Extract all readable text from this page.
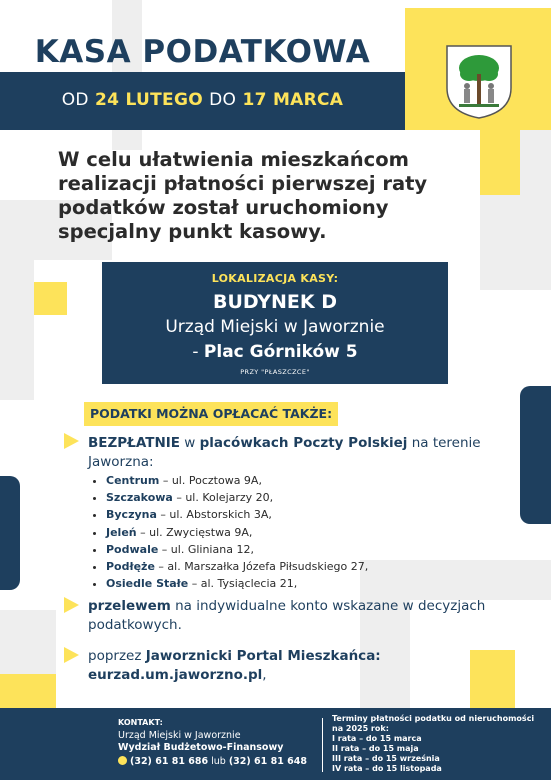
KASA PODATKOWA
OD 24 LUTEGO DO 17 MARCA
W celu ułatwienia mieszkańcom
realizacji płatności pierwszej raty
podatków został uruchomiony
specjalny punkt kasowy.
LOKALIZACJA KASY:
BUDYNEK D
Urząd Miejski w Jaworznie
- Plac Górników 5
PRZY "PŁASZCZCE"
PODATKI MOŻNA OPŁACAĆ TAKŻE:
BEZPŁATNIE w placówkach Poczty Polskiej na terenie Jaworzna:
• Centrum – ul. Pocztowa 9A,
• Szczakowa – ul. Kolejarzy 20,
• Byczyna – ul. Abstorskich 3A,
• Jeleń – ul. Zwycięstwa 9A,
• Podwale – ul. Gliniana 12,
• Podłęże – al. Marszałka Józefa Piłsudskiego 27,
• Osiedle Stałe – al. Tysiąclecia 21,
przelewem na indywidualne konto wskazane w decyzjach podatkowych.
poprzez Jaworznicki Portal Mieszkańca:
eurzad.um.jaworzno.pl,
KONTAKT:
Urząd Miejski w Jaworznie
Wydział Budżetowo-Finansowy
(32) 61 81 686 lub (32) 61 81 648
Terminy płatności podatku od nieruchomości
na 2025 rok:
I rata – do 15 marca
II rata – do 15 maja
III rata – do 15 września
IV rata – do 15 listopada
